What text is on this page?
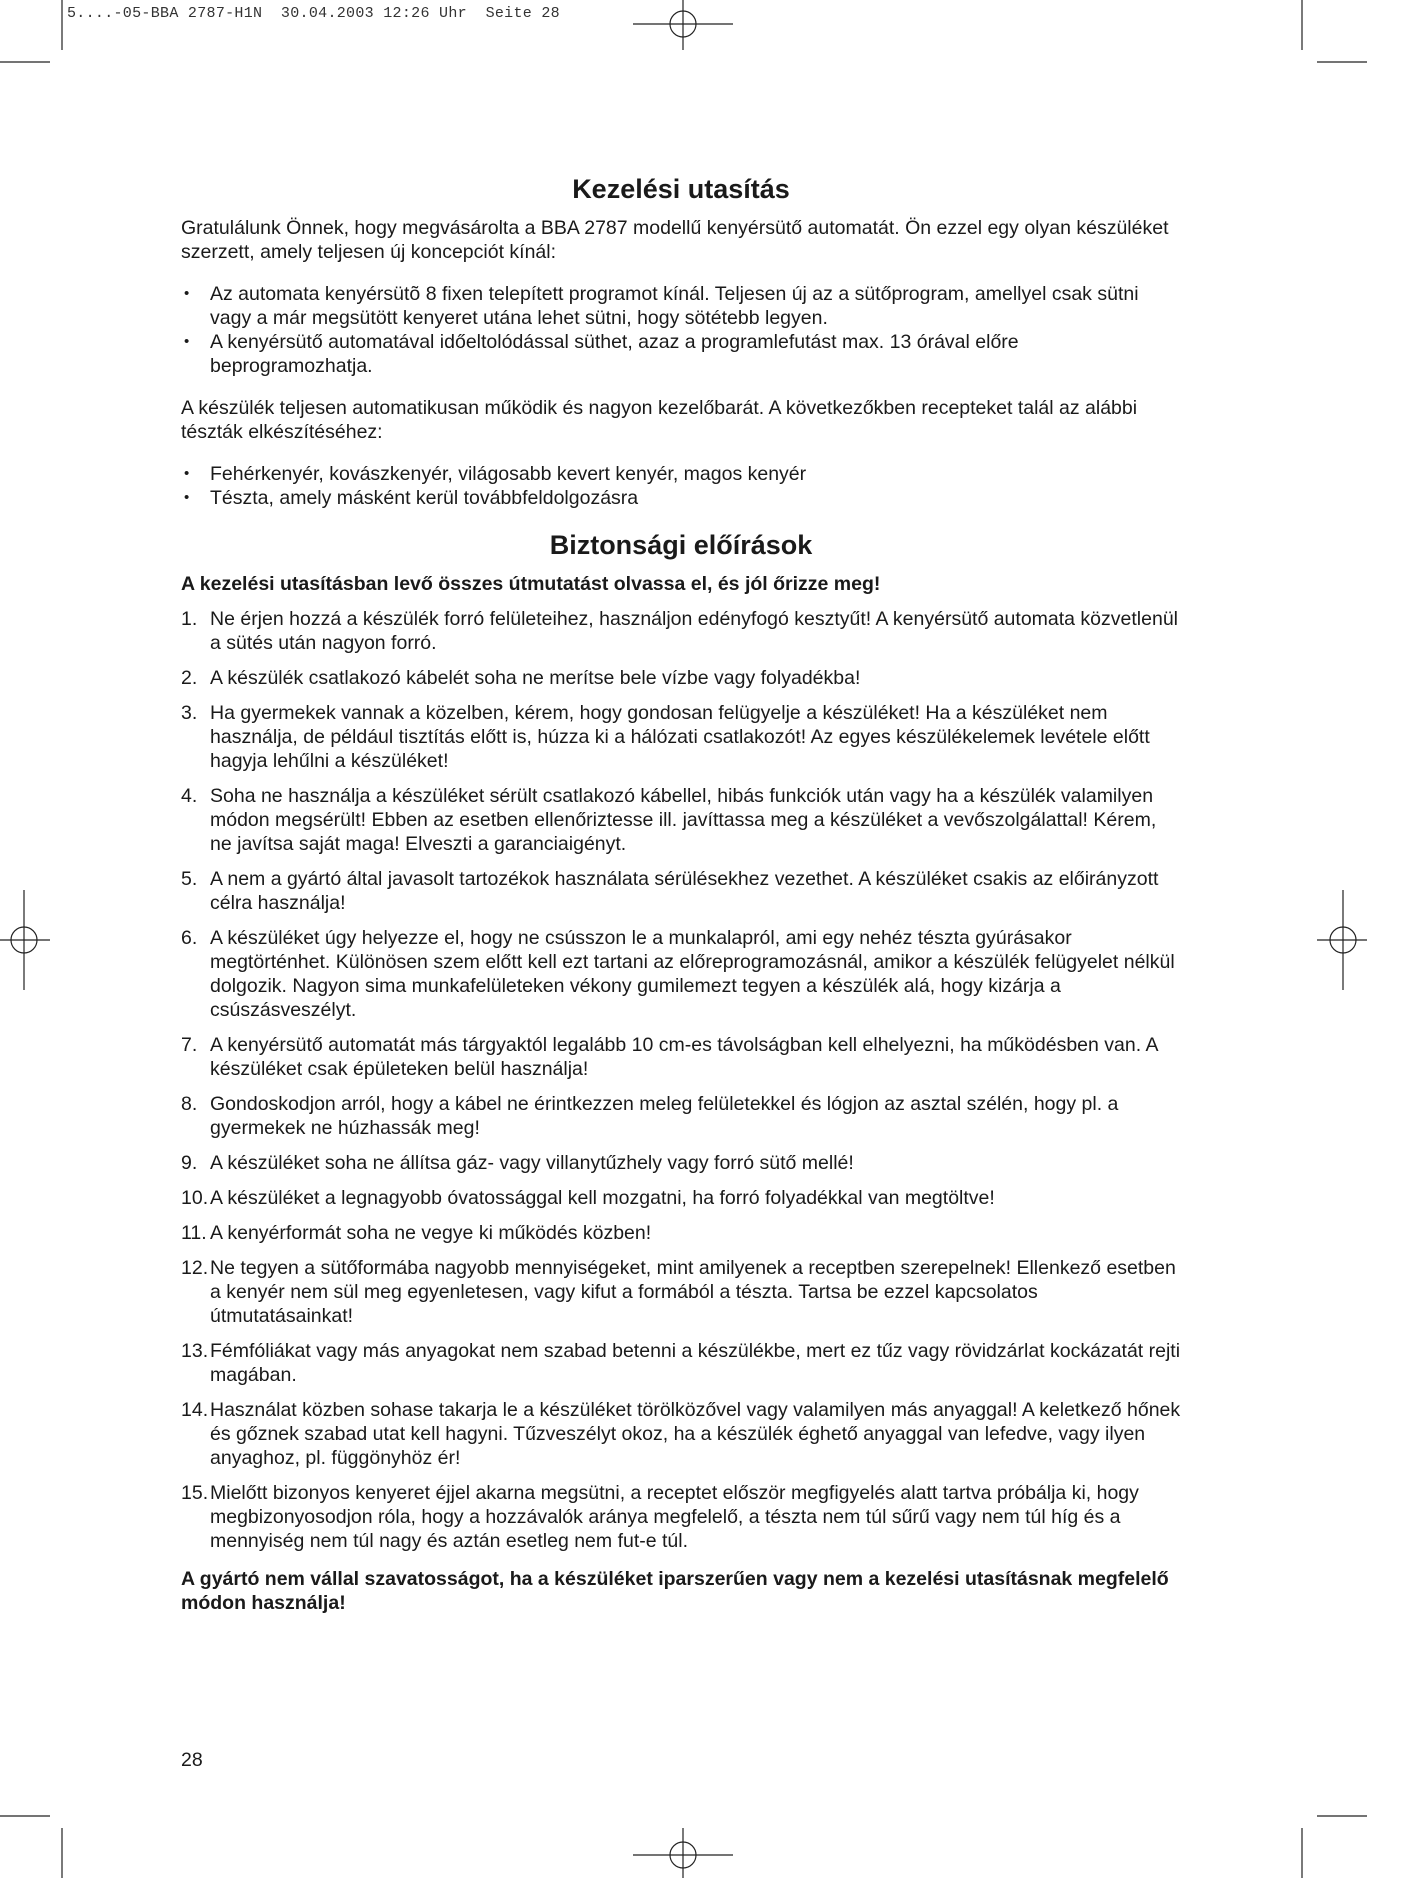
5....-05-BBA 2787-H1N  30.04.2003 12:26 Uhr  Seite 28
Kezelési utasítás

Gratulálunk Önnek, hogy megvásárolta a BBA 2787 modellű kenyérsütő automatát. Ön ezzel egy olyan készüléket szerzett, amely teljesen új koncepciót kínál:

• Az automata kenyérsütõ 8 fixen telepített programot kínál. Teljesen új az a sütőprogram, amellyel csak sütni vagy a már megsütött kenyeret utána lehet sütni, hogy sötétebb legyen.
• A kenyérsütő automatával időeltolódással süthet, azaz a programlefutást max. 13 órával előre beprogramozhatja.

A készülék teljesen automatikusan működik és nagyon kezelőbarát. A következőkben recepteket talál az alábbi tészták elkészítéséhez:

• Fehérkenyér, kovászkenyér, világosabb kevert kenyér, magos kenyér
• Tészta, amely másként kerül továbbfeldolgozásra
Biztonsági előírások

A kezelési utasításban levő összes útmutatást olvassa el, és jól őrizze meg!

1. Ne érjen hozzá a készülék forró felületeihez, használjon edényfogó kesztyűt! A kenyérsütő automata közvetlenül a sütés után nagyon forró.
2. A készülék csatlakozó kábelét soha ne merítse bele vízbe vagy folyadékba!
3. Ha gyermekek vannak a közelben, kérem, hogy gondosan felügyelje a készüléket! Ha a készüléket nem használja, de például tisztítás előtt is, húzza ki a hálózati csatlakozót! Az egyes készülékelemek levétele előtt hagyja lehűlni a készüléket!
4. Soha ne használja a készüléket sérült csatlakozó kábellel, hibás funkciók után vagy ha a készülék valamilyen módon megsérült! Ebben az esetben ellenőriztesse ill. javíttassa meg a készüléket a vevőszolgálattal! Kérem, ne javítsa saját maga! Elveszti a garanciaigényt.
5. A nem a gyártó által javasolt tartozékok használata sérülésekhez vezethet. A készüléket csakis az előirányzott célra használja!
6. A készüléket úgy helyezze el, hogy ne csússzon le a munkalapról, ami egy nehéz tészta gyúrásakor megtörténhet. Különösen szem előtt kell ezt tartani az előreprogramozásnál, amikor a készülék felügyelet nélkül dolgozik. Nagyon sima munkafelületeken vékony gumilemezt tegyen a készülék alá, hogy kizárja a csúszásveszélyt.
7. A kenyérsütő automatát más tárgyaktól legalább 10 cm-es távolságban kell elhelyezni, ha működésben van. A készüléket csak épületeken belül használja!
8. Gondoskodjon arról, hogy a kábel ne érintkezzen meleg felületekkel és lógjon az asztal szélén, hogy pl. a gyermekek ne húzhassák meg!
9. A készüléket soha ne állítsa gáz- vagy villanytűzhely vagy forró sütő mellé!
10. A készüléket a legnagyobb óvatossággal kell mozgatni, ha forró folyadékkal van megtöltve!
11. A kenyérformát soha ne vegye ki működés közben!
12. Ne tegyen a sütőformába nagyobb mennyiségeket, mint amilyenek a receptben szerepelnek! Ellenkező esetben a kenyér nem sül meg egyenletesen, vagy kifut a formából a tészta. Tartsa be ezzel kapcsolatos útmutatásainkat!
13. Fémfóliákat vagy más anyagokat nem szabad betenni a készülékbe, mert ez tűz vagy rövidzárlat kockázatát rejti magában.
14. Használat közben sohase takarja le a készüléket törölközővel vagy valamilyen más anyaggal! A keletkező hőnek és gőznek szabad utat kell hagyni. Tűzveszélyt okoz, ha a készülék éghető anyaggal van lefedve, vagy ilyen anyaghoz, pl. függönyhöz ér!
15. Mielőtt bizonyos kenyeret éjjel akarna megsütni, a receptet először megfigyelés alatt tartva próbálja ki, hogy megbizonyosodjon róla, hogy a hozzávalók aránya megfelelő, a tészta nem túl sűrű vagy nem túl híg és a mennyiség nem túl nagy és aztán esetleg nem fut-e túl.

A gyártó nem vállal szavatosságot, ha a készüléket iparszerűen vagy nem a kezelési utasításnak megfelelő módon használja!

28
